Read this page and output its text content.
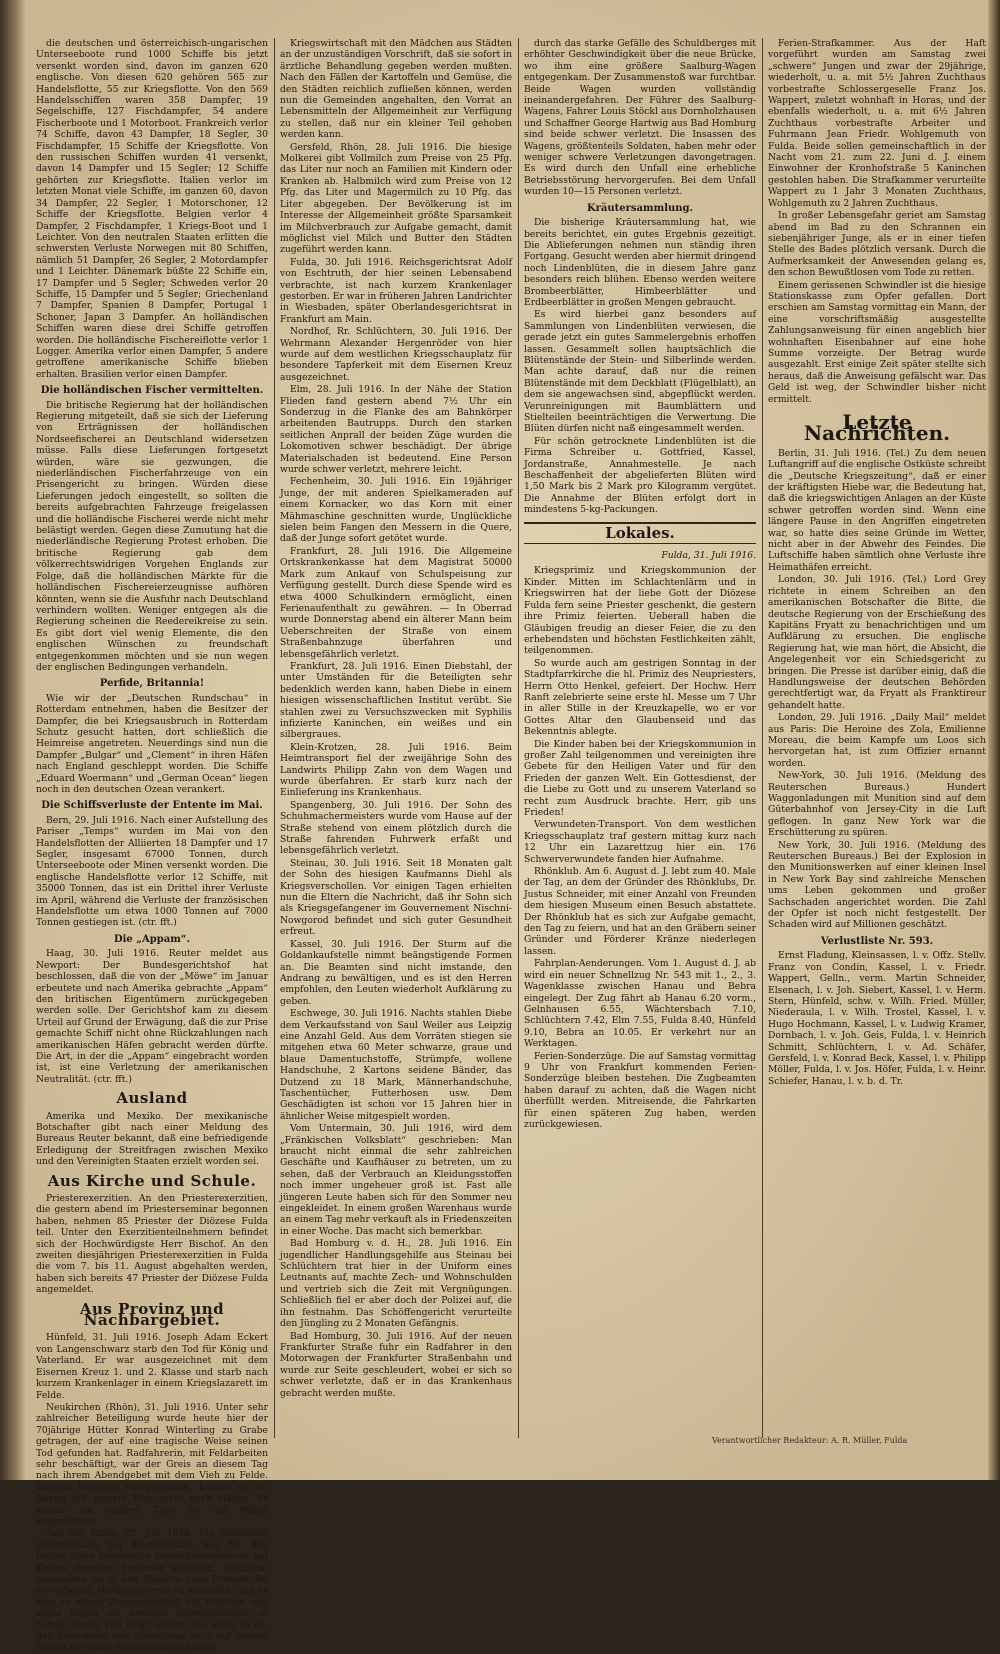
die deutschen und österreichisch-ungarischen Unterseeboote rund 1000 Schiffe bis jetzt versenkt worden sind, davon im ganzen 620 englische. Von diesen 620 gehören 565 zur Handelsflotte, 55 zur Kriegsflotte. Von den 569 Handelsschiffen waren 358 Dampfer, 19 Segelschiffe, 127 Fischdampfer, 54 andere Fischerboote und 1 Motorboot. Frankreich verlor 74 Schiffe, davon 43 Dampfer, 18 Segler, 30 Fischdampfer, 15 Schiffe der Kriegsflotte. Von den russischen Schiffen wurden 41 versenkt, davon 14 Dampfer und 15 Segler; 12 Schiffe gehörten zur Kriegsflotte. Italien verlor im letzten Monat viele Schiffe, im ganzen 60, davon 34 Dampfer, 22 Segler, 1 Motorschoner, 12 Schiffe der Kriegsflotte. Belgien verlor 4 Dampfer, 2 Fischdampfer, 1 Kriegs-Boot und 1 Leichter. Von den neutralen Staaten erlitten die schwersten Verluste Norwegen mit 80 Schiffen, nämlich 51 Dampfer, 26 Segler, 2 Motordampfer und 1 Leichter. Dänemark büßte 22 Schiffe ein, 17 Dampfer und 5 Segler; Schweden verlor 20 Schiffe, 15 Dampfer und 5 Segler; Griechenland 7 Dampfer, Spanien 8 Dampfer, Portugal 1 Schoner, Japan 3 Dampfer. An holländischen Schiffen waren diese drei Schiffe getroffen worden. Die holländische Fischereiflotte verlor 1 Logger. Amerika verlor einen Dampfer, 5 andere getroffene amerikanische Schiffe blieben erhalten. Brasilien verlor einen Dampfer.

Die holländischen Fischer vermittelten.

Die britische Regierung hat der holländischen Regierung mitgeteilt, daß sie sich der Lieferung von Erträgnissen der holländischen Nordseefischerei an Deutschland widersetzen müsse. Falls diese Lieferungen fortgesetzt würden, wäre sie gezwungen, die niederländischen Fischerfahrzeuge von ein Prisengericht zu bringen. Würden diese Lieferungen jedoch eingestellt, so sollten die bereits aufgebrachten Fahrzeuge freigelassen und die holländische Fischerei werde nicht mehr belästigt werden. Gegen diese Zumutung hat die niederländische Regierung Protest erhoben. Die britische Regierung gab dem völkerrechtswidrigen Vorgehen Englands zur Folge, daß die holländischen Märkte für die holländischen Fischereierzeugnisse aufhören könnten, wenn sie die Ausfuhr nach Deutschland verhindern wollten. Weniger entgegen als die Regierung scheinen die Reedereikreise zu sein. Es gibt dort viel wenig Elemente, die den englischen Wünschen zu freundschaft entgegenkommen möchten und sie nun wegen der englischen Bedingungen verhandeln.

Perfide, Britannia!

Wie wir der „Deutschen Rundschau“ in Rotterdam entnehmen, haben die Besitzer der Dampfer, die bei Kriegsausbruch in Rotterdam Schutz gesucht hatten, dort schließlich die Heimreise angetreten. Neuerdings sind nun die Dampfer „Bulgar“ und „Clement“ in ihren Häfen nach England geschleppt worden. Die Schiffe „Eduard Woermann“ und „German Ocean“ liegen noch in den deutschen Ozean verankert.

Die Schiffsverluste der Entente im Mai.

Bern, 29. Juli 1916. Nach einer Aufstellung des Pariser „Temps“ wurden im Mai von den Handelsflotten der Alliierten 18 Dampfer und 17 Segler, insgesamt 67000 Tonnen, durch Unterseeboote oder Minen versenkt worden. Die englische Handelsflotte verlor 12 Schiffe, mit 35000 Tonnen, das ist ein Drittel ihrer Verluste im April, während die Verluste der französischen Handelsflotte um etwa 1000 Tonnen auf 7000 Tonnen gestiegen ist. (ctr. fft.)

Die „Appam“.

Haag, 30. Juli 1916. Reuter meldet aus Newport: Der Bundesgerichtshof hat beschlossen, daß die von der „Möwe“ im Januar erbeutete und nach Amerika gebrachte „Appam“ den britischen Eigentümern zurückgegeben werden solle. Der Gerichtshof kam zu diesem Urteil auf Grund der Erwägung, daß die zur Prise gemachte Schiff nicht ohne Rückzahlungen nach amerikanischen Häfen gebracht werden dürfte. Die Art, in der die „Appam“ eingebracht worden ist, ist eine Verletzung der amerikanischen Neutralität. (ctr. fft.)

Ausland

Amerika und Mexiko. Der mexikanische Botschafter gibt nach einer Meldung des Bureaus Reuter bekannt, daß eine befriedigende Erledigung der Streitfragen zwischen Mexiko und den Vereinigten Staaten erzielt worden sei.

Aus Kirche und Schule.

Priesterexerzitien. An den Priesterexerzitien, die gestern abend im Priesterseminar begonnen haben, nehmen 85 Priester der Diözese Fulda teil. Unter den Exerzitienteilnehmern befindet sich der Hochwürdigste Herr Bischof. An den zweiten diesjährigen Priesterexerzitien in Fulda die vom 7. bis 11. August abgehalten werden, haben sich bereits 47 Priester der Diözese Fulda angemeldet.

Aus Provinz und Nachbargebiet.

Hünfeld, 31. Juli 1916. Joseph Adam Eckert von Langenschwarz starb den Tod für König und Vaterland. Er war ausgezeichnet mit dem Eisernen Kreuz 1. und 2. Klasse und starb nach kurzem Krankenlager in einem Kriegslazarett im Felde.

Neukirchen (Rhön), 31. Juli 1916. Unter sehr zahlreicher Beteiligung wurde heute hier der 70jährige Hütter Konrad Winterling zu Grabe getragen, der auf eine tragische Weise seinen Tod gefunden hat. Radfahrerin, mit Feldarbeiten sehr beschäftigt, war der Greis an diesem Tag nach ihrem Abendgebet mit dem Vieh zu Felde. Diesem Wunsche entsprechend, kommt er am Abend mit seinem Vieh nicht nach Hause. Er wurde am andern Tage tot im Walde aufgefunden.

Aus der Rhön, 28. Juli 1916. Die Gemeinde Unterelsbach bei Mellrichstadt hat für den Bezirk ihres Gemeindes Gewerbekonsument auf Kosten fremden Personen verboten. Trotzdem sammelten sie in den Wäldern viele Fremde. Da es verboten, Himbeerbeeren zu sammeln, und es kam zu einem Zusammenstoß mit Knütteln und sogar gegen die fremden Beerensammler so heftig. Dieser Fall zeigt wieder, wie nötig es ist, daß Einwohner und Auswärtige auch auf diesem Gebiet ein gutes Einvernehmen halten.

Kriegswirtschaft mit den Mädchen aus Städten an der unzuständigen Vorschrift, daß sie sofort in ärztliche Behandlung gegeben werden mußten. Nach den Fällen der Kartoffeln und Gemüse, die den Städten reichlich zufließen können, werden nun die Gemeinden angehalten, den Vorrat an Lebensmitteln der Allgemeinheit zur Verfügung zu stellen, daß nur ein kleiner Teil gehoben werden kann.

Gersfeld, Rhön, 28. Juli 1916. Die hiesige Molkerei gibt Vollmilch zum Preise von 25 Pfg. das Liter nur noch an Familien mit Kindern oder Kranken ab. Halbmilch wird zum Preise von 12 Pfg. das Liter und Magermilch zu 10 Pfg. das Liter abgegeben. Der Bevölkerung ist im Interesse der Allgemeinheit größte Sparsamkeit im Milchverbrauch zur Aufgabe gemacht, damit möglichst viel Milch und Butter den Städten zugeführt werden kann.

Fulda, 30. Juli 1916. Reichsgerichtsrat Adolf von Eschtruth, der hier seinen Lebensabend verbrachte, ist nach kurzem Krankenlager gestorben. Er war in früheren Jahren Landrichter in Wiesbaden, später Oberlandesgerichtsrat in Frankfurt am Main.

Nordhof, Rr. Schlüchtern, 30. Juli 1916. Der Wehrmann Alexander Hergenröder von hier wurde auf dem westlichen Kriegsschauplatz für besondere Tapferkeit mit dem Eisernen Kreuz ausgezeichnet.

Elm, 28. Juli 1916. In der Nähe der Station Flieden fand gestern abend 7½ Uhr ein Sonderzug in die Flanke des am Bahnkörper arbeitenden Bautrupps. Durch den starken seitlichen Anprall der beiden Züge wurden die Lokomotiven schwer beschädigt. Der übrige Materialschaden ist bedeutend. Eine Person wurde schwer verletzt, mehrere leicht.

Fechenheim, 30. Juli 1916. Ein 19jähriger Junge, der mit anderen Spielkameraden auf einem Kornacker, wo das Korn mit einer Mähmaschine geschnitten wurde, Unglückliche sielen beim Fangen den Messern in die Quere, daß der Junge sofort getötet wurde.

Frankfurt, 28. Juli 1916. Die Allgemeine Ortskrankenkasse hat dem Magistrat 50000 Mark zum Ankauf von Schulspeisung zur Verfügung gestellt. Durch diese Spende wird es etwa 4000 Schulkindern ermöglicht, einen Ferienaufenthalt zu gewähren. — In Oberrad wurde Donnerstag abend ein älterer Mann beim Ueberschreiten der Straße von einem Straßenbahnzuge überfahren und lebensgefährlich verletzt.

Frankfurt, 28. Juli 1916. Einen Diebstahl, der unter Umständen für die Beteiligten sehr bedenklich werden kann, haben Diebe in einem hiesigen wissenschaftlichen Institut verübt. Sie stahlen zwei zu Versuchszwecken mit Syphilis infizierte Kaninchen, ein weißes und ein silbergraues.

Klein-Krotzen, 28. Juli 1916. Beim Heimtransport fiel der zweijährige Sohn des Landwirts Philipp Zahn von dem Wagen und wurde überfahren. Er starb kurz nach der Einlieferung ins Krankenhaus.

Spangenberg, 30. Juli 1916. Der Sohn des Schuhmachermeisters wurde vom Hause auf der Straße stehend von einem plötzlich durch die Straße fahrenden Fuhrwerk erfaßt und lebensgefährlich verletzt.

Steinau, 30. Juli 1916. Seit 18 Monaten galt der Sohn des hiesigen Kaufmanns Diehl als Kriegsverschollen. Vor einigen Tagen erhielten nun die Eltern die Nachricht, daß ihr Sohn sich als Kriegsgefangener im Gouvernement Nischni-Nowgorod befindet und sich guter Gesundheit erfreut.

Kassel, 30. Juli 1916. Der Sturm auf die Goldankaufstelle nimmt beängstigende Formen an. Die Beamten sind nicht imstande, den Andrang zu bewältigen, und es ist den Herren empfohlen, den Leuten wiederholt Aufklärung zu geben.

Eschwege, 30. Juli 1916. Nachts stahlen Diebe dem Verkaufsstand von Saul Weiler aus Leipzig eine Anzahl Geld. Aus dem Vorräten stiegen sie mitgehen etwa 60 Meter schwarze, graue und blaue Damentuchstoffe, Strümpfe, wollene Handschuhe, 2 Kartons seidene Bänder, das Dutzend zu 18 Mark, Männerhandschuhe, Taschentücher, Futterhosen usw. Dem Geschädigten ist schon vor 15 Jahren hier in ähnlicher Weise mitgespielt worden.

Vom Untermain, 30. Juli 1916, wird dem „Fränkischen Volksblatt“ geschrieben: Man braucht nicht einmal die sehr zahlreichen Geschäfte und Kaufhäuser zu betreten, um zu sehen, daß der Verbrauch an Kleidungsstoffen noch immer ungeheuer groß ist. Fast alle jüngeren Leute haben sich für den Sommer neu eingekleidet. In einem großen Warenhaus wurde an einem Tag mehr verkauft als in Friedenszeiten in einer Woche. Das macht sich bemerkbar.

Bad Homburg v. d. H., 28. Juli 1916. Ein jugendlicher Handlungsgehilfe aus Steinau bei Schlüchtern trat hier in der Uniform eines Leutnants auf, machte Zech- und Wohnschulden und vertrieb sich die Zeit mit Vergnügungen. Schließlich fiel er aber doch der Polizei auf, die ihn festnahm. Das Schöffengericht verurteilte den Jüngling zu 2 Monaten Gefängnis.

Bad Homburg, 30. Juli 1916. Auf der neuen Frankfurter Straße fuhr ein Radfahrer in den Motorwagen der Frankfurter Straßenbahn und wurde zur Seite geschleudert, wobei er sich so schwer verletzte, daß er in das Krankenhaus gebracht werden mußte.

durch das starke Gefälle des Schuldberges mit erhöhter Geschwindigkeit über die neue Brücke, wo ihm eine größere Saalburg-Wagen entgegenkam. Der Zusammenstoß war furchtbar. Beide Wagen wurden vollständig ineinandergefahren. Der Führer des Saalburg-Wagens, Fahrer Louis Stöckl aus Dornholzhausen und Schaffner George Hartwig aus Bad Homburg sind beide schwer verletzt. Die Insassen des Wagens, größtenteils Soldaten, haben mehr oder weniger schwere Verletzungen davongetragen. Es wird durch den Unfall eine erhebliche Betriebsstörung hervorgerufen. Bei dem Unfall wurden 10—15 Personen verletzt.

Kräutersammlung.

Die bisherige Kräutersammlung hat, wie bereits berichtet, ein gutes Ergebnis gezeitigt. Die Ablieferungen nehmen nun ständig ihren Fortgang. Gesucht werden aber hiermit dringend noch Lindenblüten, die in diesem Jahre ganz besonders reich blühen. Ebenso werden weitere Brombeerblätter, Himbeerblätter und Erdbeerblätter in großen Mengen gebraucht.

Es wird hierbei ganz besonders auf Sammlungen von Lindenblüten verwiesen, die gerade jetzt ein gutes Sammelergebnis erhoffen lassen. Gesammelt sollen hauptsächlich die Blütenstände der Stein- und Silberlinde werden. Man achte darauf, daß nur die reinen Blütenstände mit dem Deckblatt (Flügelblatt), an dem sie angewachsen sind, abgepflückt werden. Verunreinigungen mit Baumblättern und Stielteilen beeinträchtigen die Verwertung. Die Blüten dürfen nicht naß eingesammelt werden.

Für schön getrocknete Lindenblüten ist die Firma Schreiber u. Gottfried, Kassel, Jordanstraße, Annahmestelle. Je nach Beschaffenheit der abgelieferten Blüten wird 1,50 Mark bis 2 Mark pro Kilogramm vergütet. Die Annahme der Blüten erfolgt dort in mindestens 5-kg-Packungen.

Lokales.
Fulda, 31. Juli 1916.

Kriegsprimiz und Kriegskommunion der Kinder. Mitten im Schlachtenlärm und in Kriegswirren hat der liebe Gott der Diözese Fulda fern seine Priester geschenkt, die gestern ihre Primiz feierten. Ueberall haben die Gläubigen freudig an dieser Feier, die zu den erhebendsten und höchsten Festlichkeiten zählt, teilgenommen.

So wurde auch am gestrigen Sonntag in der Stadtpfarrkirche die hl. Primiz des Neupriesters, Herrn Otto Henkel, gefeiert. Der Hochw. Herr Ranft zelebrierte seine erste hl. Messe um 7 Uhr in aller Stille in der Kreuzkapelle, wo er vor Gottes Altar den Glaubenseid und das Bekenntnis ablegte.

Die Kinder haben bei der Kriegskommunion in großer Zahl teilgenommen und vereinigten ihre Gebete für den Heiligen Vater und für den Frieden der ganzen Welt. Ein Gottesdienst, der die Liebe zu Gott und zu unserem Vaterland so recht zum Ausdruck brachte. Herr, gib uns Frieden!

Verwundeten-Transport. Von dem westlichen Kriegsschauplatz traf gestern mittag kurz nach 12 Uhr ein Lazarettzug hier ein. 176 Schwerverwundete fanden hier Aufnahme.

Rhönklub. Am 6. August d. J. lebt zum 40. Male der Tag, an dem der Gründer des Rhönklubs, Dr. Justus Schneider, mit einer Anzahl von Freunden dem hiesigen Museum einen Besuch abstattete. Der Rhönklub hat es sich zur Aufgabe gemacht, den Tag zu feiern, und hat an den Gräbern seiner Gründer und Förderer Kränze niederlegen lassen.

Fahrplan-Aenderungen. Vom 1. August d. J. ab wird ein neuer Schnellzug Nr. 543 mit 1., 2., 3. Wagenklasse zwischen Hanau und Bebra eingelegt. Der Zug fährt ab Hanau 6.20 vorm., Gelnhausen 6.55, Wächtersbach 7.10, Schlüchtern 7.42, Elm 7.55, Fulda 8.40, Hünfeld 9.10, Bebra an 10.05. Er verkehrt nur an Werktagen.

Ferien-Sonderzüge. Die auf Samstag vormittag 9 Uhr von Frankfurt kommenden Ferien-Sonderzüge bleiben bestehen. Die Zugbeamten haben darauf zu achten, daß die Wagen nicht überfüllt werden. Mitreisende, die Fahrkarten für einen späteren Zug haben, werden zurückgewiesen.

Ferien-Strafkammer. Aus der Haft vorgeführt wurden am Samstag zwei „schwere“ Jungen und zwar der 29jährige, wiederholt, u. a. mit 5½ Jahren Zuchthaus vorbestrafte Schlossergeselle Franz Jos. Wappert, zuletzt wohnhaft in Horas, und der ebenfalls wiederholt, u. a. mit 6½ Jahren Zuchthaus vorbestrafte Arbeiter und Fuhrmann Jean Friedr. Wohlgemuth von Fulda. Beide sollen gemeinschaftlich in der Nacht vom 21. zum 22. Juni d. J. einem Einwohner der Kronhofstraße 5 Kaninchen gestohlen haben. Die Strafkammer verurteilte Wappert zu 1 Jahr 3 Monaten Zuchthaus, Wohlgemuth zu 2 Jahren Zuchthaus.

In großer Lebensgefahr geriet am Samstag abend im Bad zu den Schrannen ein siebenjähriger Junge, als er in einer tiefen Stelle des Bades plötzlich versank. Durch die Aufmerksamkeit der Anwesenden gelang es, den schon Bewußtlosen vom Tode zu retten.

Einem gerissenen Schwindler ist die hiesige Stationskasse zum Opfer gefallen. Dort erschien am Samstag vormittag ein Mann, der eine vorschriftsmäßig ausgestellte Zahlungsanweisung für einen angeblich hier wohnhaften Eisenbahner auf eine hohe Summe vorzeigte. Der Betrag wurde ausgezahlt. Erst einige Zeit später stellte sich heraus, daß die Anweisung gefälscht war. Das Geld ist weg, der Schwindler bisher nicht ermittelt.

Letzte Nachrichten.

Berlin, 31. Juli 1916. (Tel.) Zu dem neuen Luftangriff auf die englische Ostküste schreibt die „Deutsche Kriegszeitung“, daß er einer der kräftigsten Hiebe war, die Bedeutung hat, daß die kriegswichtigen Anlagen an der Küste schwer getroffen worden sind. Wenn eine längere Pause in den Angriffen eingetreten war, so hatte dies seine Gründe im Wetter, nicht aber in der Abwehr des Feindes. Die Luftschiffe haben sämtlich ohne Verluste ihre Heimathäfen erreicht.

London, 30. Juli 1916. (Tel.) Lord Grey richtete in einem Schreiben an den amerikanischen Botschafter die Bitte, die deutsche Regierung von der Erschießung des Kapitäns Fryatt zu benachrichtigen und um Aufklärung zu ersuchen. Die englische Regierung hat, wie man hört, die Absicht, die Angelegenheit vor ein Schiedsgericht zu bringen. Die Presse ist darüber einig, daß die Handlungsweise der deutschen Behörden gerechtfertigt war, da Fryatt als Franktireur gehandelt hatte.

London, 29. Juli 1916. „Daily Mail“ meldet aus Paris: Die Heroine des Zola, Emilienne Moreau, die beim Kampfe um Loos sich hervorgetan hat, ist zum Offizier ernannt worden.

New-York, 30. Juli 1916. (Meldung des Reuterschen Bureaus.) Hundert Waggonladungen mit Munition sind auf dem Güterbahnhof von Jersey-City in die Luft geflogen. In ganz New York war die Erschütterung zu spüren.

New York, 30. Juli 1916. (Meldung des Reuterschen Bureaus.) Bei der Explosion in den Munitionswerken auf einer kleinen Insel in New York Bay sind zahlreiche Menschen ums Leben gekommen und großer Sachschaden angerichtet worden. Die Zahl der Opfer ist noch nicht festgestellt. Der Schaden wird auf Millionen geschätzt.

Verlustliste Nr. 593.

Ernst Fladung, Kleinsassen, l. v. Offz. Stellv. Franz von Condin, Kassel, l. v. Friedr. Wappert, Gelln., verm. Martin Schneider, Elsenach, l. v. Joh. Siebert, Kassel, l. v. Herm. Stern, Hünfeld, schw. v. Wilh. Fried. Müller, Niederaula, l. v. Wilh. Trostel, Kassel, l. v. Hugo Hochmann, Kassel, l. v. Ludwig Kramer, Dornbach, l. v. Joh. Geis, Fulda, l. v. Heinrich Schmitt, Schlüchtern, l. v. Ad. Schäfer, Gersfeld, l. v. Konrad Beck, Kassel, l. v. Philipp Möller, Fulda, l. v. Jos. Höfer, Fulda, l. v. Heinr. Schiefer, Hanau, l. v. b. d. Tr.

Verantwortlicher Redakteur: A. R. Müller, Fulda
